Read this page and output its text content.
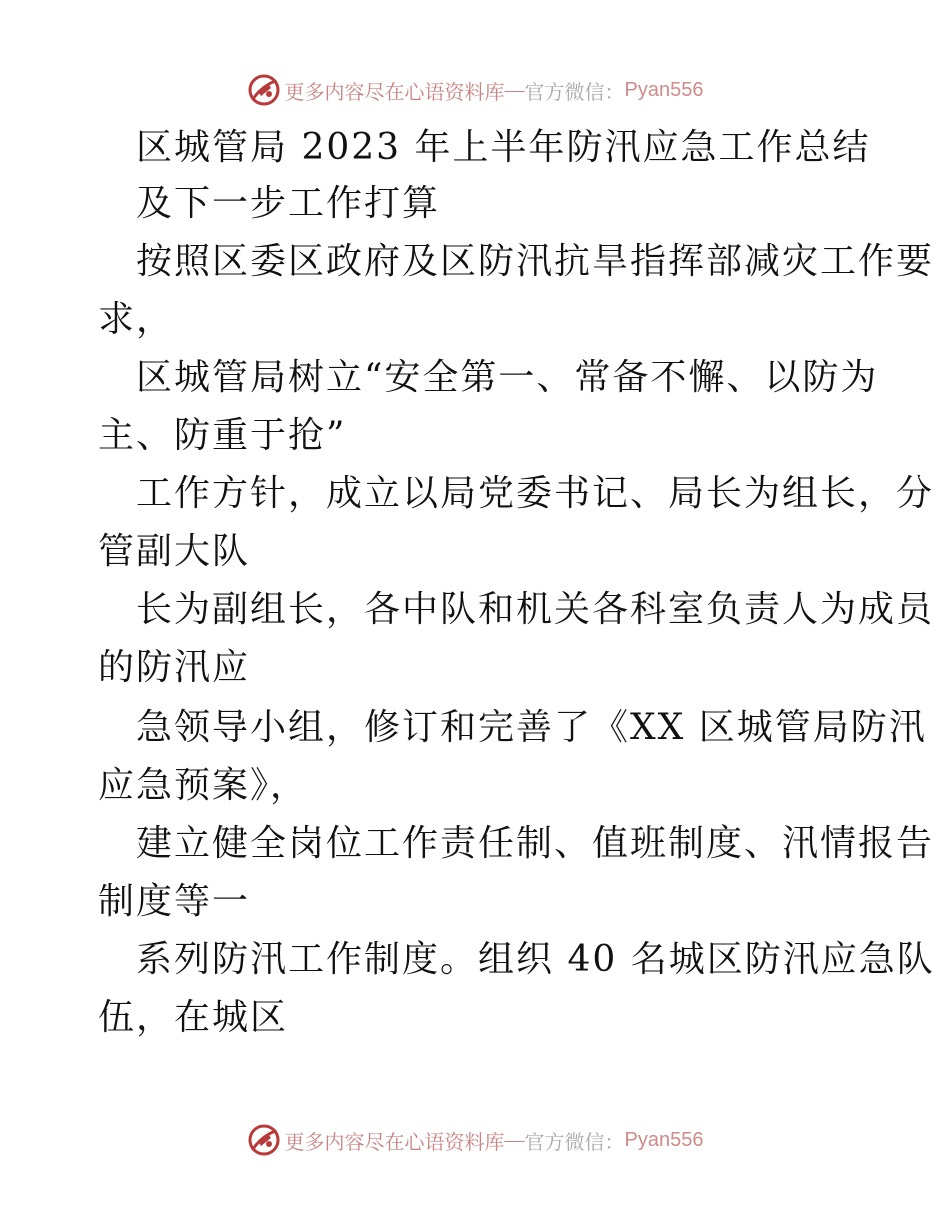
更多内容尽在心语资料库 — 官方微信： Pyan556
区城管局 2023 年上半年防汛应急工作总结
及下一步工作打算
按照区委区政府及区防汛抗旱指挥部减灾工作要
求，
区城管局树立“安全第一、常备不懈、以防为
主、防重于抢”
工作方针，成立以局党委书记、局长为组长，分
管副大队
长为副组长，各中队和机关各科室负责人为成员
的防汛应
急领导小组，修订和完善了《XX 区城管局防汛
应急预案》，
建立健全岗位工作责任制、值班制度、汛情报告
制度等一
系列防汛工作制度。组织 40 名城区防汛应急队
伍，在城区
更多内容尽在心语资料库 — 官方微信： Pyan556
